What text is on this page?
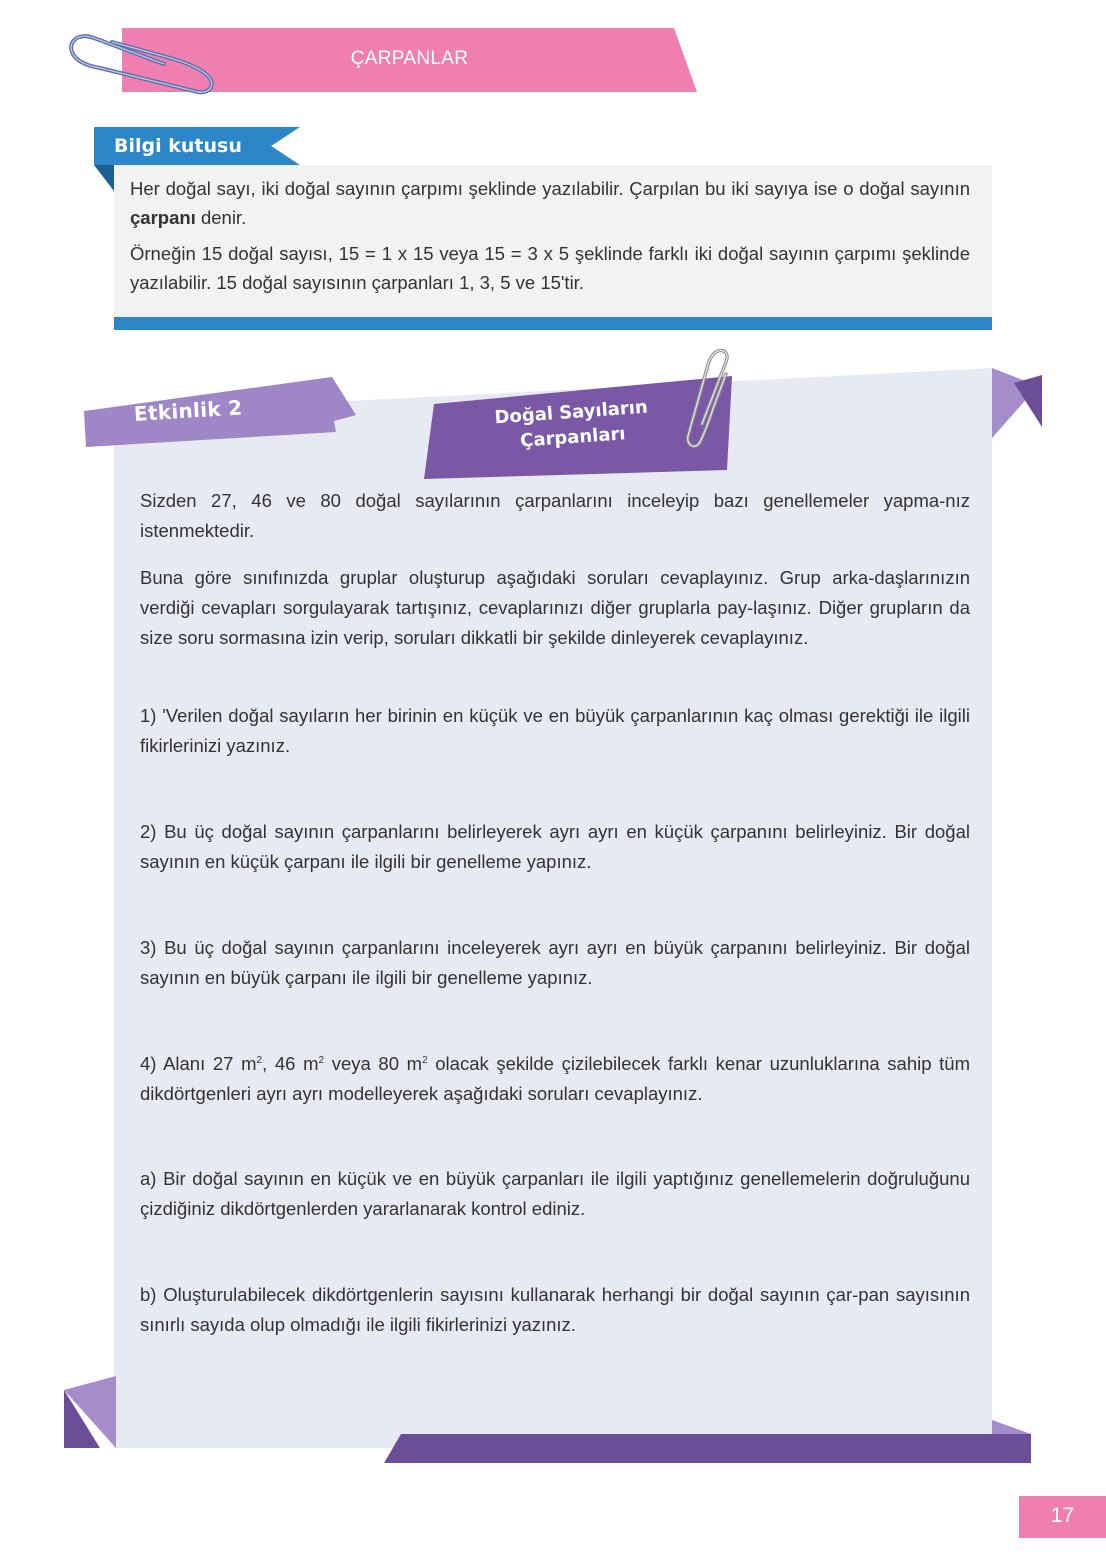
ÇARPANLAR
Bilgi kutusu

Her doğal sayı, iki doğal sayının çarpımı şeklinde yazılabilir. Çarpılan bu iki sayıya ise o doğal sayının çarpanı denir.

Örneğin 15 doğal sayısı, 15 = 1 x 15 veya 15 = 3 x 5 şeklinde farklı iki doğal sayının çarpımı şeklinde yazılabilir. 15 doğal sayısının çarpanları 1, 3, 5 ve 15'tir.

Etkinlik 2	Doğal Sayıların
Çarpanları

Sizden 27, 46 ve 80 doğal sayılarının çarpanlarını inceleyip bazı genellemeler yapma-nız istenmektedir.

Buna göre sınıfınızda gruplar oluşturup aşağıdaki soruları cevaplayınız. Grup arka-daşlarınızın verdiği cevapları sorgulayarak tartışınız, cevaplarınızı diğer gruplarla pay-laşınız. Diğer grupların da size soru sormasına izin verip, soruları dikkatli bir şekilde dinleyerek cevaplayınız.

1) 'Verilen doğal sayıların her birinin en küçük ve en büyük çarpanlarının kaç olması gerektiği ile ilgili fikirlerinizi yazınız.

2) Bu üç doğal sayının çarpanlarını belirleyerek ayrı ayrı en küçük çarpanını belirleyiniz. Bir doğal sayının en küçük çarpanı ile ilgili bir genelleme yapınız.

3) Bu üç doğal sayının çarpanlarını inceleyerek ayrı ayrı en büyük çarpanını belirleyiniz. Bir doğal sayının en büyük çarpanı ile ilgili bir genelleme yapınız.

4) Alanı 27 $m^2$, 46 $m^2$ veya 80 $m^2$ olacak şekilde çizilebilecek farklı kenar uzunluklarına sahip tüm dikdörtgenleri ayrı ayrı modelleyerek aşağıdaki soruları cevaplayınız.

a) Bir doğal sayının en küçük ve en büyük çarpanları ile ilgili yaptığınız genellemelerin doğruluğunu çizdiğiniz dikdörtgenlerden yararlanarak kontrol ediniz.

b) Oluşturulabilecek dikdörtgenlerin sayısını kullanarak herhangi bir doğal sayının çar-pan sayısının sınırlı sayıda olup olmadığı ile ilgili fikirlerinizi yazınız.

17
